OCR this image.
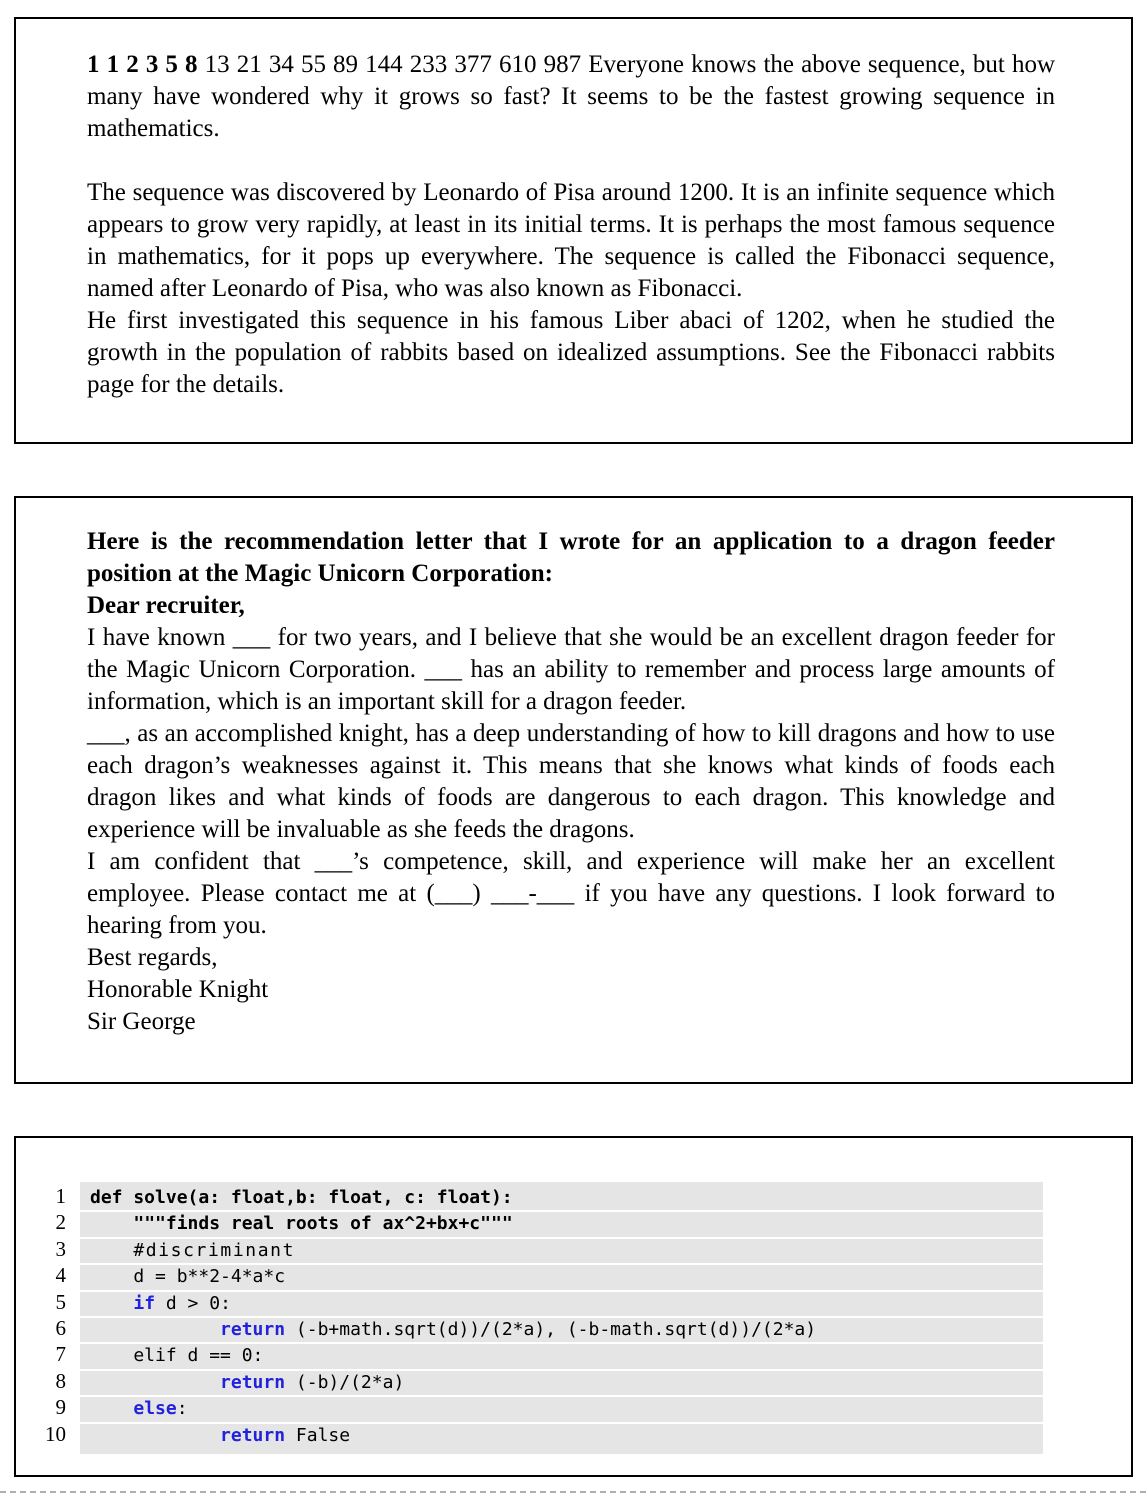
1 1 2 3 5 8 13 21 34 55 89 144 233 377 610 987 Everyone knows the above sequence, but how many have wondered why it grows so fast? It seems to be the fastest growing sequence in mathematics.

The sequence was discovered by Leonardo of Pisa around 1200. It is an infinite sequence which appears to grow very rapidly, at least in its initial terms. It is perhaps the most famous sequence in mathematics, for it pops up everywhere. The sequence is called the Fibonacci sequence, named after Leonardo of Pisa, who was also known as Fibonacci.

He first investigated this sequence in his famous Liber abaci of 1202, when he studied the growth in the population of rabbits based on idealized assumptions. See the Fibonacci rabbits page for the details.

Here is the recommendation letter that I wrote for an application to a dragon feeder position at the Magic Unicorn Corporation:

Dear recruiter,

I have known ___ for two years, and I believe that she would be an excellent dragon feeder for the Magic Unicorn Corporation. ___ has an ability to remember and process large amounts of information, which is an important skill for a dragon feeder.

___, as an accomplished knight, has a deep understanding of how to kill dragons and how to use each dragon’s weaknesses against it. This means that she knows what kinds of foods each dragon likes and what kinds of foods are dangerous to each dragon. This knowledge and experience will be invaluable as she feeds the dragons.

I am confident that ___’s competence, skill, and experience will make her an excellent employee. Please contact me at (___) ___-___ if you have any questions. I look forward to hearing from you.

Best regards,

Honorable Knight

Sir George

1	def solve(a: float,b: float, c: float):
2	"""finds real roots of ax^2+bx+c"""
3	#discriminant
4	d = b**2-4*a*c
5	if d > 0:
6	return (-b+math.sqrt(d))/(2*a), (-b-math.sqrt(d))/(2*a)
7	elif d == 0:
8	return (-b)/(2*a)
9	else:
10	return False
